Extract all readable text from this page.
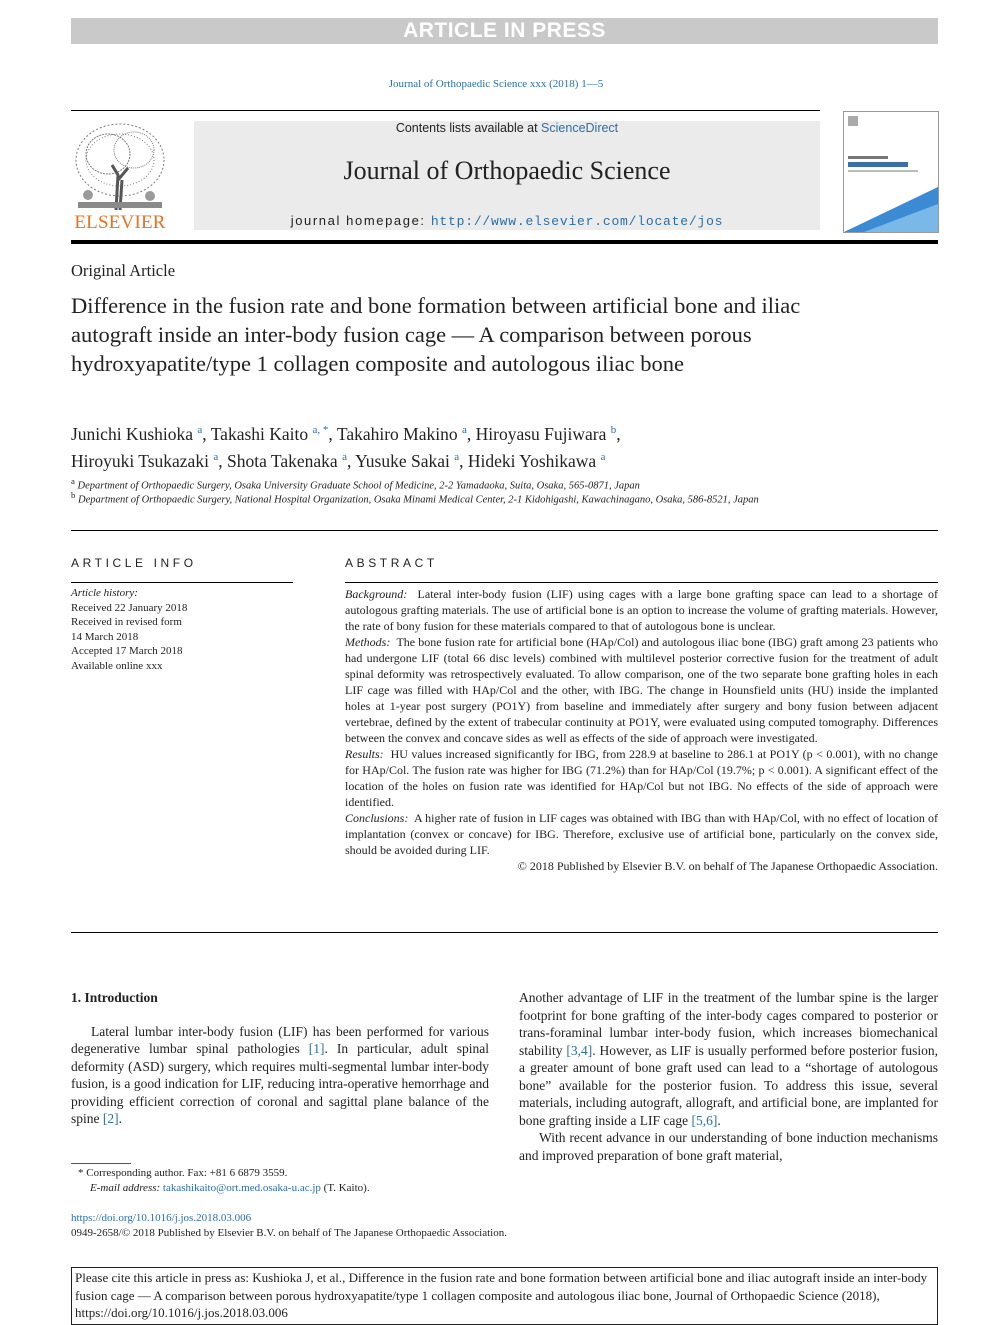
ARTICLE IN PRESS
Journal of Orthopaedic Science xxx (2018) 1—5
ELSEVIER
Contents lists available at ScienceDirect
Journal of Orthopaedic Science
journal homepage: http://www.elsevier.com/locate/jos
Original Article
Difference in the fusion rate and bone formation between artificial bone and iliac autograft inside an inter-body fusion cage — A comparison between porous hydroxyapatite/type 1 collagen composite and autologous iliac bone
Junichi Kushioka $^a$, Takashi Kaito $^{a, *}$, Takahiro Makino $^a$, Hiroyasu Fujiwara $^b$,
Hiroyuki Tsukazaki $^a$, Shota Takenaka $^a$, Yusuke Sakai $^a$, Hideki Yoshikawa $^a$
$^a$ Department of Orthopaedic Surgery, Osaka University Graduate School of Medicine, 2-2 Yamadaoka, Suita, Osaka, 565-0871, Japan
$^b$ Department of Orthopaedic Surgery, National Hospital Organization, Osaka Minami Medical Center, 2-1 Kidohigashi, Kawachinagano, Osaka, 586-8521, Japan
ARTICLE INFO
Article history:
Received 22 January 2018
Received in revised form
14 March 2018
Accepted 17 March 2018
Available online xxx
ABSTRACT

Background: Lateral inter-body fusion (LIF) using cages with a large bone grafting space can lead to a shortage of autologous grafting materials. The use of artificial bone is an option to increase the volume of grafting materials. However, the rate of bony fusion for these materials compared to that of autologous bone is unclear.

Methods: The bone fusion rate for artificial bone (HAp/Col) and autologous iliac bone (IBG) graft among 23 patients who had undergone LIF (total 66 disc levels) combined with multilevel posterior corrective fusion for the treatment of adult spinal deformity was retrospectively evaluated. To allow comparison, one of the two separate bone grafting holes in each LIF cage was filled with HAp/Col and the other, with IBG. The change in Hounsfield units (HU) inside the implanted holes at 1-year post surgery (PO1Y) from baseline and immediately after surgery and bony fusion between adjacent vertebrae, defined by the extent of trabecular continuity at PO1Y, were evaluated using computed tomography. Differences between the convex and concave sides as well as effects of the side of approach were investigated.

Results: HU values increased significantly for IBG, from 228.9 at baseline to 286.1 at PO1Y (p < 0.001), with no change for HAp/Col. The fusion rate was higher for IBG (71.2%) than for HAp/Col (19.7%; p < 0.001). A significant effect of the location of the holes on fusion rate was identified for HAp/Col but not IBG. No effects of the side of approach were identified.

Conclusions: A higher rate of fusion in LIF cages was obtained with IBG than with HAp/Col, with no effect of location of implantation (convex or concave) for IBG. Therefore, exclusive use of artificial bone, particularly on the convex side, should be avoided during LIF.

© 2018 Published by Elsevier B.V. on behalf of The Japanese Orthopaedic Association.

1. Introduction

Lateral lumbar inter-body fusion (LIF) has been performed for various degenerative lumbar spinal pathologies [1]. In particular, adult spinal deformity (ASD) surgery, which requires multi-segmental lumbar inter-body fusion, is a good indication for LIF, reducing intra-operative hemorrhage and providing efficient correction of coronal and sagittal plane balance of the spine [2].

Another advantage of LIF in the treatment of the lumbar spine is the larger footprint for bone grafting of the inter-body cages compared to posterior or trans-foraminal lumbar inter-body fusion, which increases biomechanical stability [3,4]. However, as LIF is usually performed before posterior fusion, a greater amount of bone graft used can lead to a “shortage of autologous bone” available for the posterior fusion. To address this issue, several materials, including autograft, allograft, and artificial bone, are implanted for bone grafting inside a LIF cage [5,6].

With recent advance in our understanding of bone induction mechanisms and improved preparation of bone graft material,

* Corresponding author. Fax: +81 6 6879 3559.
E-mail address: takashikaito@ort.med.osaka-u.ac.jp (T. Kaito).
https://doi.org/10.1016/j.jos.2018.03.006
0949-2658/© 2018 Published by Elsevier B.V. on behalf of The Japanese Orthopaedic Association.
Please cite this article in press as: Kushioka J, et al., Difference in the fusion rate and bone formation between artificial bone and iliac autograft inside an inter-body fusion cage — A comparison between porous hydroxyapatite/type 1 collagen composite and autologous iliac bone, Journal of Orthopaedic Science (2018), https://doi.org/10.1016/j.jos.2018.03.006
